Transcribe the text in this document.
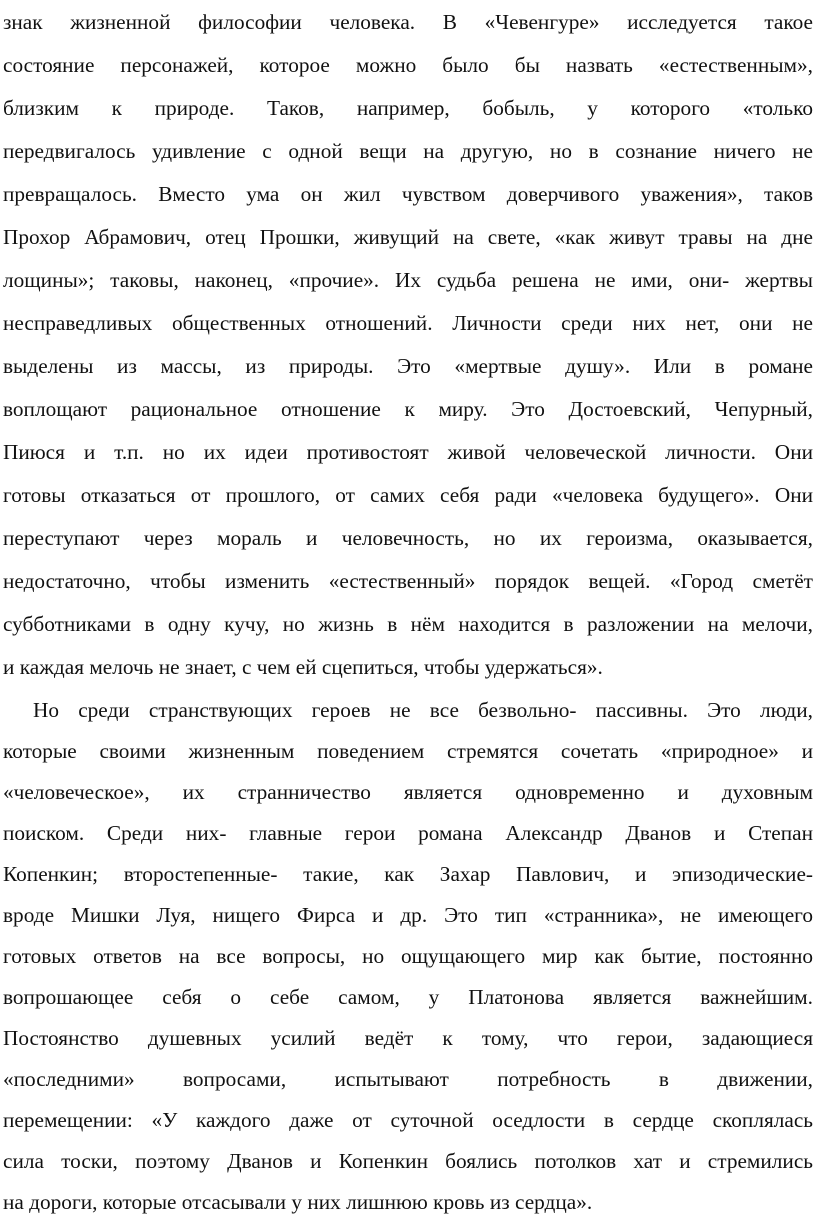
знак жизненной философии человека. В «Чевенгуре» исследуется такое
состояние персонажей, которое можно было бы назвать «естественным»,
близким к природе. Таков, например, бобыль, у которого «только
передвигалось удивление с одной вещи на другую, но в сознание ничего не
превращалось. Вместо ума он жил чувством доверчивого уважения», таков
Прохор Абрамович, отец Прошки, живущий на свете, «как живут травы на дне
лощины»; таковы, наконец, «прочие». Их судьба решена не ими, они- жертвы
несправедливых общественных отношений. Личности среди них нет, они не
выделены из массы, из природы. Это «мертвые душу». Или в романе
воплощают рациональное отношение к миру. Это Достоевский, Чепурный,
Пиюся и т.п. но их идеи противостоят живой человеческой личности. Они
готовы отказаться от прошлого, от самих себя ради «человека будущего». Они
переступают через мораль и человечность, но их героизма, оказывается,
недостаточно, чтобы изменить «естественный» порядок вещей. «Город сметёт
субботниками в одну кучу, но жизнь в нём находится в разложении на мелочи,
и каждая мелочь не знает, с чем ей сцепиться, чтобы удержаться».
Но среди странствующих героев не все безвольно- пассивны. Это люди,
которые своими жизненным поведением стремятся сочетать «природное» и
«человеческое», их странничество является одновременно и духовным
поиском. Среди них- главные герои романа Александр Дванов и Степан
Копенкин; второстепенные- такие, как Захар Павлович, и эпизодические-
вроде Мишки Луя, нищего Фирса и др. Это тип «странника», не имеющего
готовых ответов на все вопросы, но ощущающего мир как бытие, постоянно
вопрошающее себя о себе самом, у Платонова является важнейшим.
Постоянство душевных усилий ведёт к тому, что герои, задающиеся
«последними» вопросами, испытывают потребность в движении,
перемещении: «У каждого даже от суточной оседлости в сердце скоплялась
сила тоски, поэтому Дванов и Копенкин боялись потолков хат и стремились
на дороги, которые отсасывали у них лишнюю кровь из сердца».
